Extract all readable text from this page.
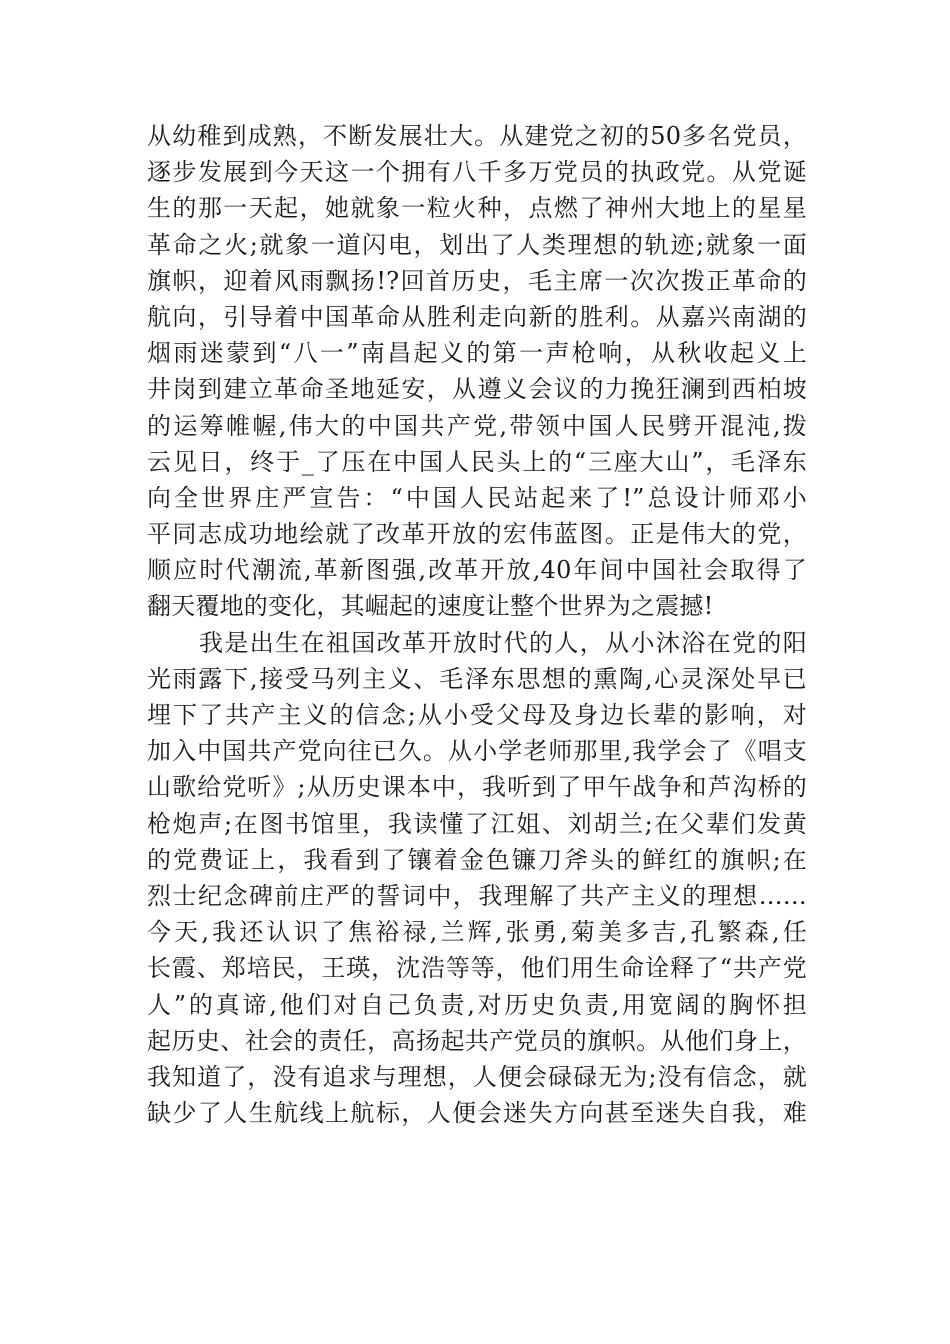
从幼稚到成熟，不断发展壮大。从建党之初的50多名党员，
逐步发展到今天这一个拥有八千多万党员的执政党。从党诞
生的那一天起，她就象一粒火种，点燃了神州大地上的星星
革命之火;就象一道闪电，划出了人类理想的轨迹;就象一面
旗帜，迎着风雨飘扬!?回首历史，毛主席一次次拨正革命的
航向，引导着中国革命从胜利走向新的胜利。从嘉兴南湖的
烟雨迷蒙到“八一”南昌起义的第一声枪响，从秋收起义上
井岗到建立革命圣地延安，从遵义会议的力挽狂澜到西柏坡
的运筹帷幄,伟大的中国共产党,带领中国人民劈开混沌,拨
云见日，终于_了压在中国人民头上的“三座大山”，毛泽东
向全世界庄严宣告：“中国人民站起来了!”总设计师邓小
平同志成功地绘就了改革开放的宏伟蓝图。正是伟大的党，
顺应时代潮流,革新图强,改革开放,40年间中国社会取得了
翻天覆地的变化，其崛起的速度让整个世界为之震撼!
我是出生在祖国改革开放时代的人，从小沐浴在党的阳
光雨露下,接受马列主义、毛泽东思想的熏陶,心灵深处早已
埋下了共产主义的信念;从小受父母及身边长辈的影响，对
加入中国共产党向往已久。从小学老师那里,我学会了《唱支
山歌给党听》;从历史课本中，我听到了甲午战争和芦沟桥的
枪炮声;在图书馆里，我读懂了江姐、刘胡兰;在父辈们发黄
的党费证上，我看到了镶着金色镰刀斧头的鲜红的旗帜;在
烈士纪念碑前庄严的誓词中，我理解了共产主义的理想……
今天,我还认识了焦裕禄,兰辉,张勇,菊美多吉,孔繁森,任
长霞、郑培民，王瑛，沈浩等等，他们用生命诠释了“共产党
人”的真谛,他们对自己负责,对历史负责,用宽阔的胸怀担
起历史、社会的责任，高扬起共产党员的旗帜。从他们身上，
我知道了，没有追求与理想，人便会碌碌无为;没有信念，就
缺少了人生航线上航标，人便会迷失方向甚至迷失自我，难
